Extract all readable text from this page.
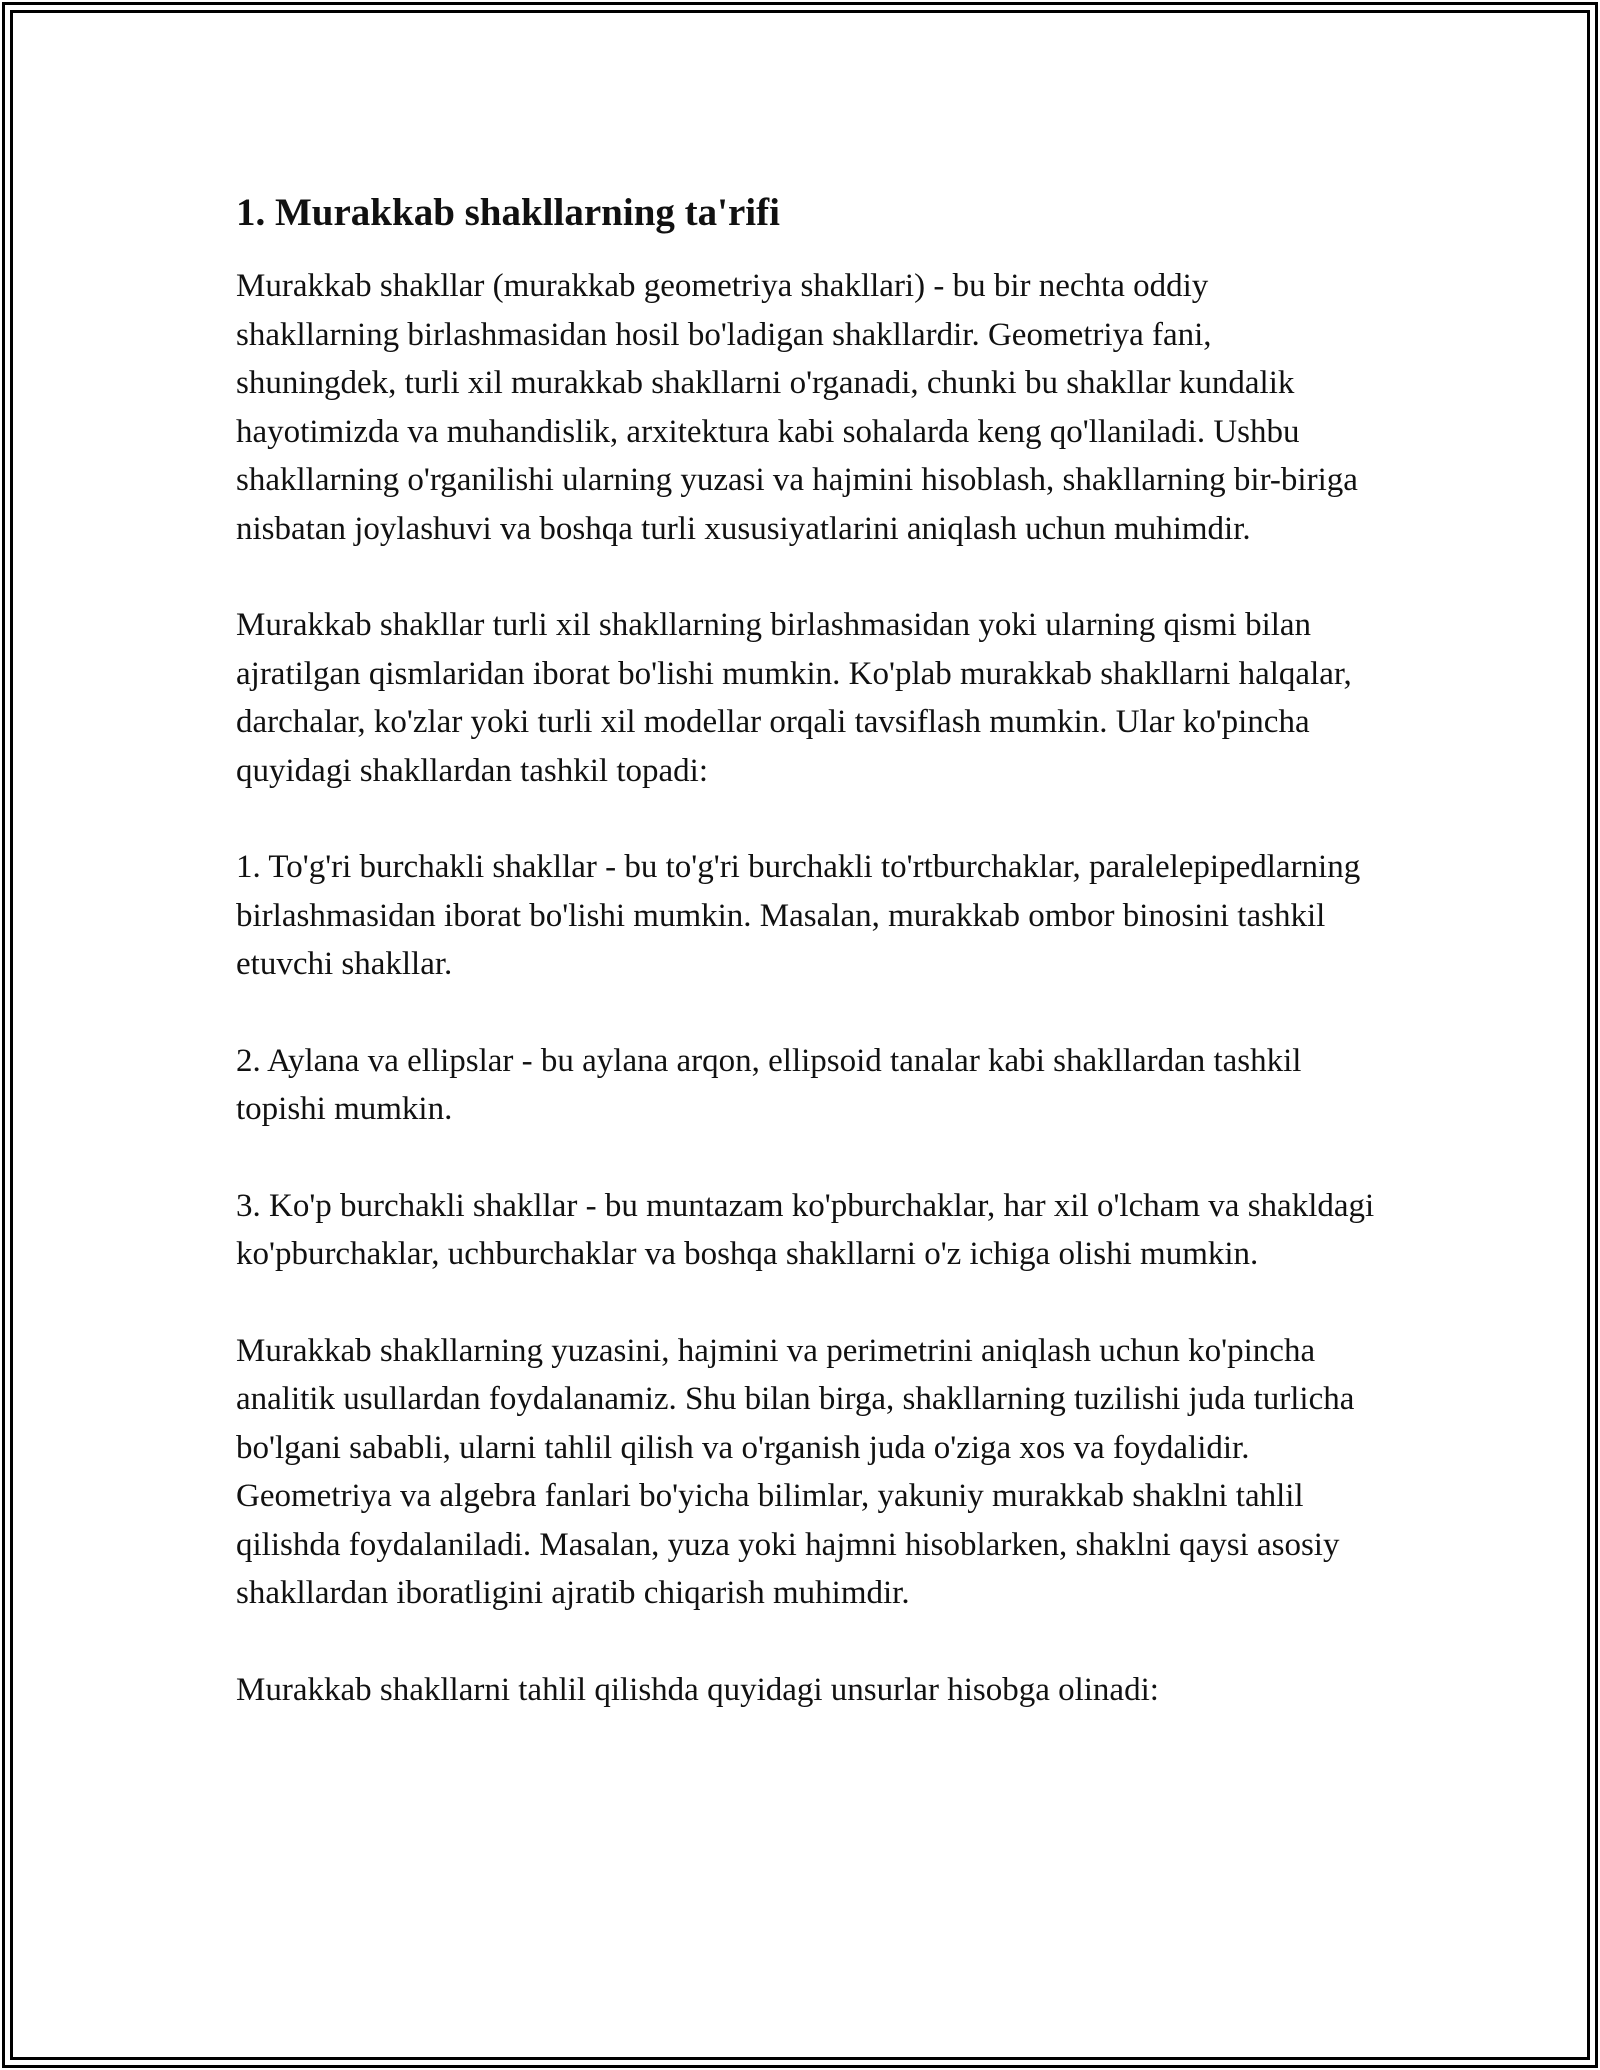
1. Murakkab shakllarning ta'rifi

Murakkab shakllar (murakkab geometriya shakllari) - bu bir nechta oddiy shakllarning birlashmasidan hosil bo'ladigan shakllardir. Geometriya fani, shuningdek, turli xil murakkab shakllarni o'rganadi, chunki bu shakllar kundalik hayotimizda va muhandislik, arxitektura kabi sohalarda keng qo'llaniladi. Ushbu shakllarning o'rganilishi ularning yuzasi va hajmini hisoblash, shakllarning bir-biriga nisbatan joylashuvi va boshqa turli xususiyatlarini aniqlash uchun muhimdir.

Murakkab shakllar turli xil shakllarning birlashmasidan yoki ularning qismi bilan ajratilgan qismlaridan iborat bo'lishi mumkin. Ko'plab murakkab shakllarni halqalar, darchalar, ko'zlar yoki turli xil modellar orqali tavsiflash mumkin. Ular ko'pincha quyidagi shakllardan tashkil topadi:

1. To'g'ri burchakli shakllar - bu to'g'ri burchakli to'rtburchaklar, paralelepipedlarning birlashmasidan iborat bo'lishi mumkin. Masalan, murakkab ombor binosini tashkil etuvchi shakllar.

2. Aylana va ellipslar - bu aylana arqon, ellipsoid tanalar kabi shakllardan tashkil topishi mumkin.

3. Ko'p burchakli shakllar - bu muntazam ko'pburchaklar, har xil o'lcham va shakldagi ko'pburchaklar, uchburchaklar va boshqa shakllarni o'z ichiga olishi mumkin.

Murakkab shakllarning yuzasini, hajmini va perimetrini aniqlash uchun ko'pincha analitik usullardan foydalanamiz. Shu bilan birga, shakllarning tuzilishi juda turlicha bo'lgani sababli, ularni tahlil qilish va o'rganish juda o'ziga xos va foydalidir. Geometriya va algebra fanlari bo'yicha bilimlar, yakuniy murakkab shaklni tahlil qilishda foydalaniladi. Masalan, yuza yoki hajmni hisoblarken, shaklni qaysi asosiy shakllardan iboratligini ajratib chiqarish muhimdir.

Murakkab shakllarni tahlil qilishda quyidagi unsurlar hisobga olinadi:
